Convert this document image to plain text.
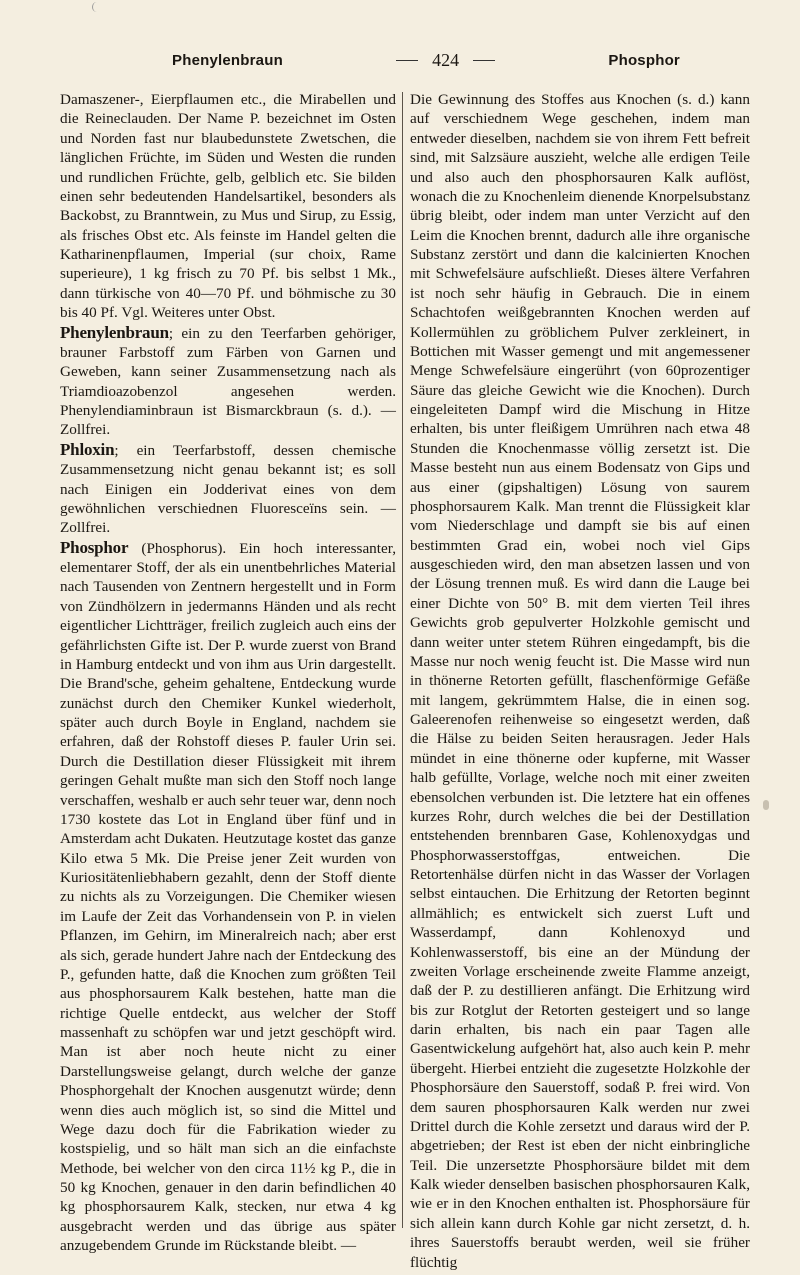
Phenylenbraun	424	Phosphor

Damaszener-, Eierpflaumen etc., die Mirabellen und die Reineclauden. Der Name P. bezeichnet im Osten und Norden fast nur blaubedunstete Zwetschen, die länglichen Früchte, im Süden und Westen die runden und rundlichen Früchte, gelb, gelblich etc. Sie bilden einen sehr bedeutenden Handelsartikel, besonders als Backobst, zu Branntwein, zu Mus und Sirup, zu Essig, als frisches Obst etc. Als feinste im Handel gelten die Katharinenpflaumen, Imperial (sur choix, Rame superieure), 1 kg frisch zu 70 Pf. bis selbst 1 Mk., dann türkische von 40—70 Pf. und böhmische zu 30 bis 40 Pf. Vgl. Weiteres unter Obst.

Phenylenbraun; ein zu den Teerfarben gehöriger, brauner Farbstoff zum Färben von Garnen und Geweben, kann seiner Zusammensetzung nach als Triamdioazobenzol angesehen werden. Phenylendiaminbraun ist Bismarckbraun (s. d.). — Zollfrei.

Phloxin; ein Teerfarbstoff, dessen chemische Zusammensetzung nicht genau bekannt ist; es soll nach Einigen ein Jodderivat eines von dem gewöhnlichen verschiednen Fluoresceïns sein. — Zollfrei.

Phosphor (Phosphorus). Ein hoch interessanter, elementarer Stoff, der als ein unentbehrliches Material nach Tausenden von Zentnern hergestellt und in Form von Zündhölzern in jedermanns Händen und als recht eigentlicher Lichtträger, freilich zugleich auch eins der gefährlichsten Gifte ist. Der P. wurde zuerst von Brand in Hamburg entdeckt und von ihm aus Urin dargestellt. Die Brand'sche, geheim gehaltene, Entdeckung wurde zunächst durch den Chemiker Kunkel wiederholt, später auch durch Boyle in England, nachdem sie erfahren, daß der Rohstoff dieses P. fauler Urin sei. Durch die Destillation dieser Flüssigkeit mit ihrem geringen Gehalt mußte man sich den Stoff noch lange verschaffen, weshalb er auch sehr teuer war, denn noch 1730 kostete das Lot in England über fünf und in Amsterdam acht Dukaten. Heutzutage kostet das ganze Kilo etwa 5 Mk. Die Preise jener Zeit wurden von Kuriositätenliebhabern gezahlt, denn der Stoff diente zu nichts als zu Vorzeigungen. Die Chemiker wiesen im Laufe der Zeit das Vorhandensein von P. in vielen Pflanzen, im Gehirn, im Mineralreich nach; aber erst als sich, gerade hundert Jahre nach der Entdeckung des P., gefunden hatte, daß die Knochen zum größten Teil aus phosphorsaurem Kalk bestehen, hatte man die richtige Quelle entdeckt, aus welcher der Stoff massenhaft zu schöpfen war und jetzt geschöpft wird. Man ist aber noch heute nicht zu einer Darstellungsweise gelangt, durch welche der ganze Phosphorgehalt der Knochen ausgenutzt würde; denn wenn dies auch möglich ist, so sind die Mittel und Wege dazu doch für die Fabrikation wieder zu kostspielig, und so hält man sich an die einfachste Methode, bei welcher von den circa 11½ kg P., die in 50 kg Knochen, genauer in den darin befindlichen 40 kg phosphorsaurem Kalk, stecken, nur etwa 4 kg ausgebracht werden und das übrige aus später anzugebendem Grunde im Rückstande bleibt. —

Die Gewinnung des Stoffes aus Knochen (s. d.) kann auf verschiednem Wege geschehen, indem man entweder dieselben, nachdem sie von ihrem Fett befreit sind, mit Salzsäure auszieht, welche alle erdigen Teile und also auch den phosphorsauren Kalk auflöst, wonach die zu Knochenleim dienende Knorpelsubstanz übrig bleibt, oder indem man unter Verzicht auf den Leim die Knochen brennt, dadurch alle ihre organische Substanz zerstört und dann die kalcinierten Knochen mit Schwefelsäure aufschließt. Dieses ältere Verfahren ist noch sehr häufig in Gebrauch. Die in einem Schachtofen weißgebrannten Knochen werden auf Kollermühlen zu gröblichem Pulver zerkleinert, in Bottichen mit Wasser gemengt und mit angemessener Menge Schwefelsäure eingerührt (von 60prozentiger Säure das gleiche Gewicht wie die Knochen). Durch eingeleiteten Dampf wird die Mischung in Hitze erhalten, bis unter fleißigem Umrühren nach etwa 48 Stunden die Knochenmasse völlig zersetzt ist. Die Masse besteht nun aus einem Bodensatz von Gips und aus einer (gipshaltigen) Lösung von saurem phosphorsaurem Kalk. Man trennt die Flüssigkeit klar vom Niederschlage und dampft sie bis auf einen bestimmten Grad ein, wobei noch viel Gips ausgeschieden wird, den man absetzen lassen und von der Lösung trennen muß. Es wird dann die Lauge bei einer Dichte von 50° B. mit dem vierten Teil ihres Gewichts grob gepulverter Holzkohle gemischt und dann weiter unter stetem Rühren eingedampft, bis die Masse nur noch wenig feucht ist. Die Masse wird nun in thönerne Retorten gefüllt, flaschenförmige Gefäße mit langem, gekrümmtem Halse, die in einen sog. Galeerenofen reihenweise so eingesetzt werden, daß die Hälse zu beiden Seiten herausragen. Jeder Hals mündet in eine thönerne oder kupferne, mit Wasser halb gefüllte, Vorlage, welche noch mit einer zweiten ebensolchen verbunden ist. Die letztere hat ein offenes kurzes Rohr, durch welches die bei der Destillation entstehenden brennbaren Gase, Kohlenoxydgas und Phosphorwasserstoffgas, entweichen. Die Retortenhälse dürfen nicht in das Wasser der Vorlagen selbst eintauchen. Die Erhitzung der Retorten beginnt allmählich; es entwickelt sich zuerst Luft und Wasserdampf, dann Kohlenoxyd und Kohlenwasserstoff, bis eine an der Mündung der zweiten Vorlage erscheinende zweite Flamme anzeigt, daß der P. zu destillieren anfängt. Die Erhitzung wird bis zur Rotglut der Retorten gesteigert und so lange darin erhalten, bis nach ein paar Tagen alle Gasentwickelung aufgehört hat, also auch kein P. mehr übergeht. Hierbei entzieht die zugesetzte Holzkohle der Phosphorsäure den Sauerstoff, sodaß P. frei wird. Von dem sauren phosphorsauren Kalk werden nur zwei Drittel durch die Kohle zersetzt und daraus wird der P. abgetrieben; der Rest ist eben der nicht einbringliche Teil. Die unzersetzte Phosphorsäure bildet mit dem Kalk wieder denselben basischen phosphorsauren Kalk, wie er in den Knochen enthalten ist. Phosphorsäure für sich allein kann durch Kohle gar nicht zersetzt, d. h. ihres Sauerstoffs beraubt werden, weil sie früher flüchtig
